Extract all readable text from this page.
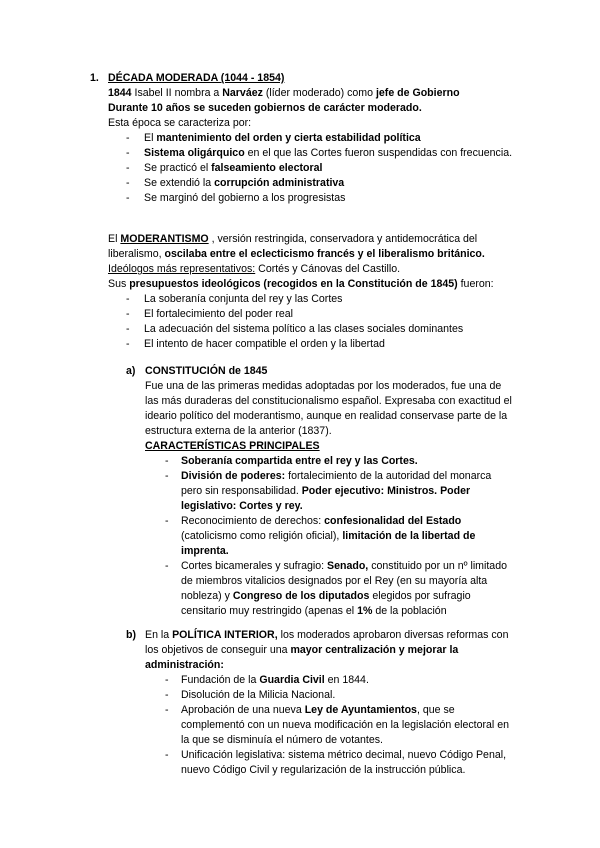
1. DÉCADA MODERADA (1044 - 1854)
1844 Isabel II nombra a Narváez (líder moderado) como jefe de Gobierno
Durante 10 años se suceden gobiernos de carácter moderado.
Esta época se caracteriza por:
- El mantenimiento del orden y cierta estabilidad política
- Sistema oligárquico en el que las Cortes fueron suspendidas con frecuencia.
- Se practicó el falseamiento electoral
- Se extendió la corrupción administrativa
- Se marginó del gobierno a los progresistas
El MODERANTISMO , versión restringida, conservadora y antidemocrática del liberalismo, oscilaba entre el eclecticismo francés y el liberalismo británico.
Ideólogos más representativos: Cortés y Cánovas del Castillo.
Sus presupuestos ideológicos (recogidos en la Constitución de 1845) fueron:
- La soberanía conjunta del rey y las Cortes
- El fortalecimiento del poder real
- La adecuación del sistema político a las clases sociales dominantes
- El intento de hacer compatible el orden y la libertad
a) CONSTITUCIÓN de 1845
Fue una de las primeras medidas adoptadas por los moderados, fue una de las más duraderas del constitucionalismo español. Expresaba con exactitud el ideario político del moderantismo, aunque en realidad conservase parte de la estructura externa de la anterior (1837).
CARACTERÍSTICAS PRINCIPALES
- Soberanía compartida entre el rey y las Cortes.
- División de poderes: fortalecimiento de la autoridad del monarca pero sin responsabilidad. Poder ejecutivo: Ministros. Poder legislativo: Cortes y rey.
- Reconocimiento de derechos: confesionalidad del Estado (catolicismo como religión oficial), limitación de la libertad de imprenta.
- Cortes bicamerales y sufragio: Senado, constituido por un nº limitado de miembros vitalicios designados por el Rey (en su mayoría alta nobleza) y Congreso de los diputados elegidos por sufragio censitario muy restringido (apenas el 1% de la población
b) En la POLÍTICA INTERIOR, los moderados aprobaron diversas reformas con los objetivos de conseguir una mayor centralización y mejorar la administración:
- Fundación de la Guardia Civil en 1844.
- Disolución de la Milicia Nacional.
- Aprobación de una nueva Ley de Ayuntamientos, que se complementó con un nueva modificación en la legislación electoral en la que se disminuía el número de votantes.
- Unificación legislativa: sistema métrico decimal, nuevo Código Penal, nuevo Código Civil y regularización de la instrucción pública.
